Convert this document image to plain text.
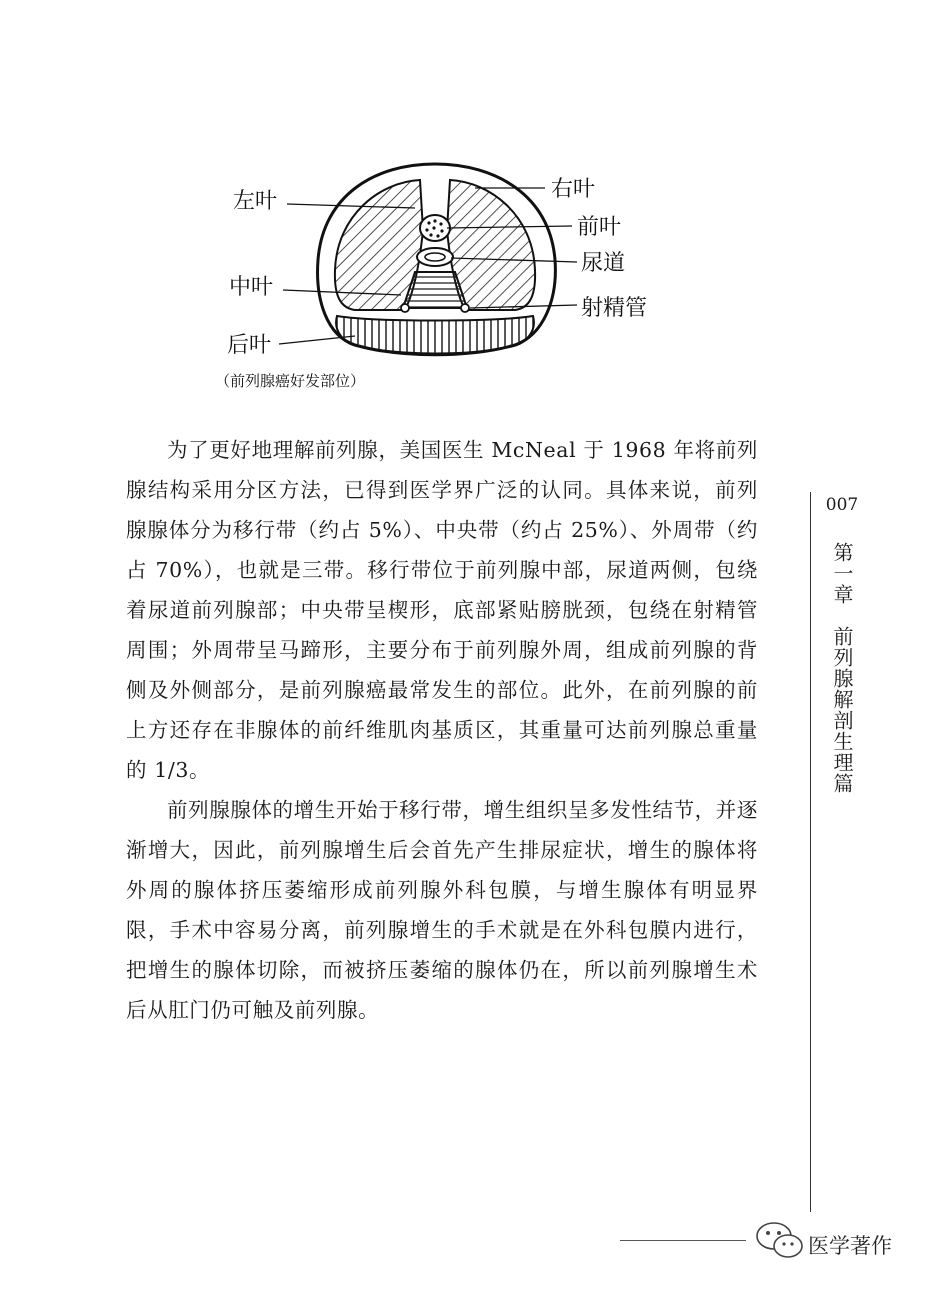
左叶
中叶
后叶
（前列腺癌好发部位）
右叶
前叶
尿道
射精管

为了更好地理解前列腺，美国医生 McNeal 于 1968 年将前列腺结构采用分区方法，已得到医学界广泛的认同。具体来说，前列腺腺体分为移行带（约占 5%）、中央带（约占 25%）、外周带（约占 70%），也就是三带。移行带位于前列腺中部，尿道两侧，包绕着尿道前列腺部；中央带呈楔形，底部紧贴膀胱颈，包绕在射精管周围；外周带呈马蹄形，主要分布于前列腺外周，组成前列腺的背侧及外侧部分，是前列腺癌最常发生的部位。此外，在前列腺的前上方还存在非腺体的前纤维肌肉基质区，其重量可达前列腺总重量的 1/3。

前列腺腺体的增生开始于移行带，增生组织呈多发性结节，并逐渐增大，因此，前列腺增生后会首先产生排尿症状，增生的腺体将外周的腺体挤压萎缩形成前列腺外科包膜，与增生腺体有明显界限，手术中容易分离，前列腺增生的手术就是在外科包膜内进行，把增生的腺体切除，而被挤压萎缩的腺体仍在，所以前列腺增生术后从肛门仍可触及前列腺。

007
第一章　前列腺解剖生理篇
医学著作
